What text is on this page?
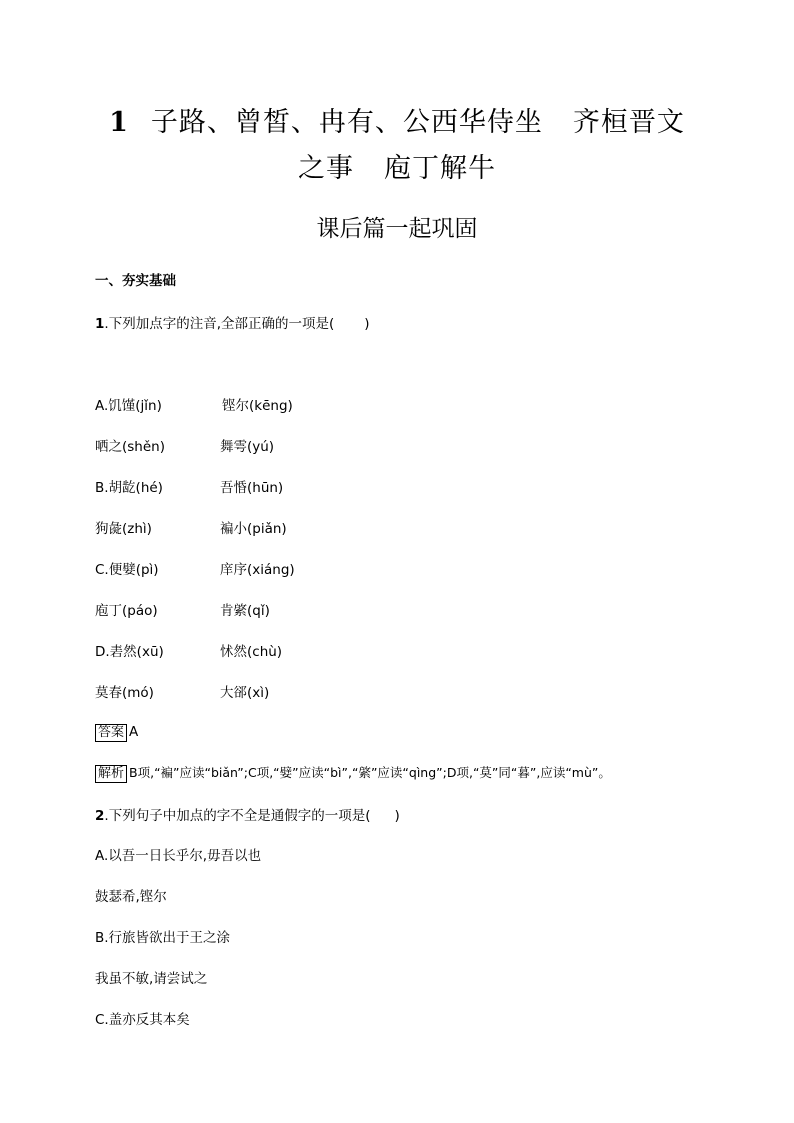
1 子路、曾皙、冉有、公西华侍坐 齐桓晋文
之事 庖丁解牛
课后篇一起巩固
一、夯实基础
1.下列加点字的注音,全部正确的一项是( )
A.饥馑(jǐn)	铿尔(kēng)
哂之(shěn)	舞雩(yú)
B.胡龁(hé)	吾惛(hūn)
狗彘(zhì)	褊小(piǎn)
C.便嬖(pì)	庠序(xiáng)
庖丁(páo)	肯綮(qǐ)
D.砉然(xū)	怵然(chù)
莫春(mó)	大郤(xì)
答案 A
解析 B项,“褊”应读“biǎn”;C项,“嬖”应读“bì”,“綮”应读“qìng”;D项,“莫”同“暮”,应读“mù”。
2.下列句子中加点的字不全是通假字的一项是( )
A.以吾一日长乎尔,毋吾以也
鼓瑟希,铿尔
B.行旅皆欲出于王之涂
我虽不敏,请尝试之
C.盖亦反其本矣
